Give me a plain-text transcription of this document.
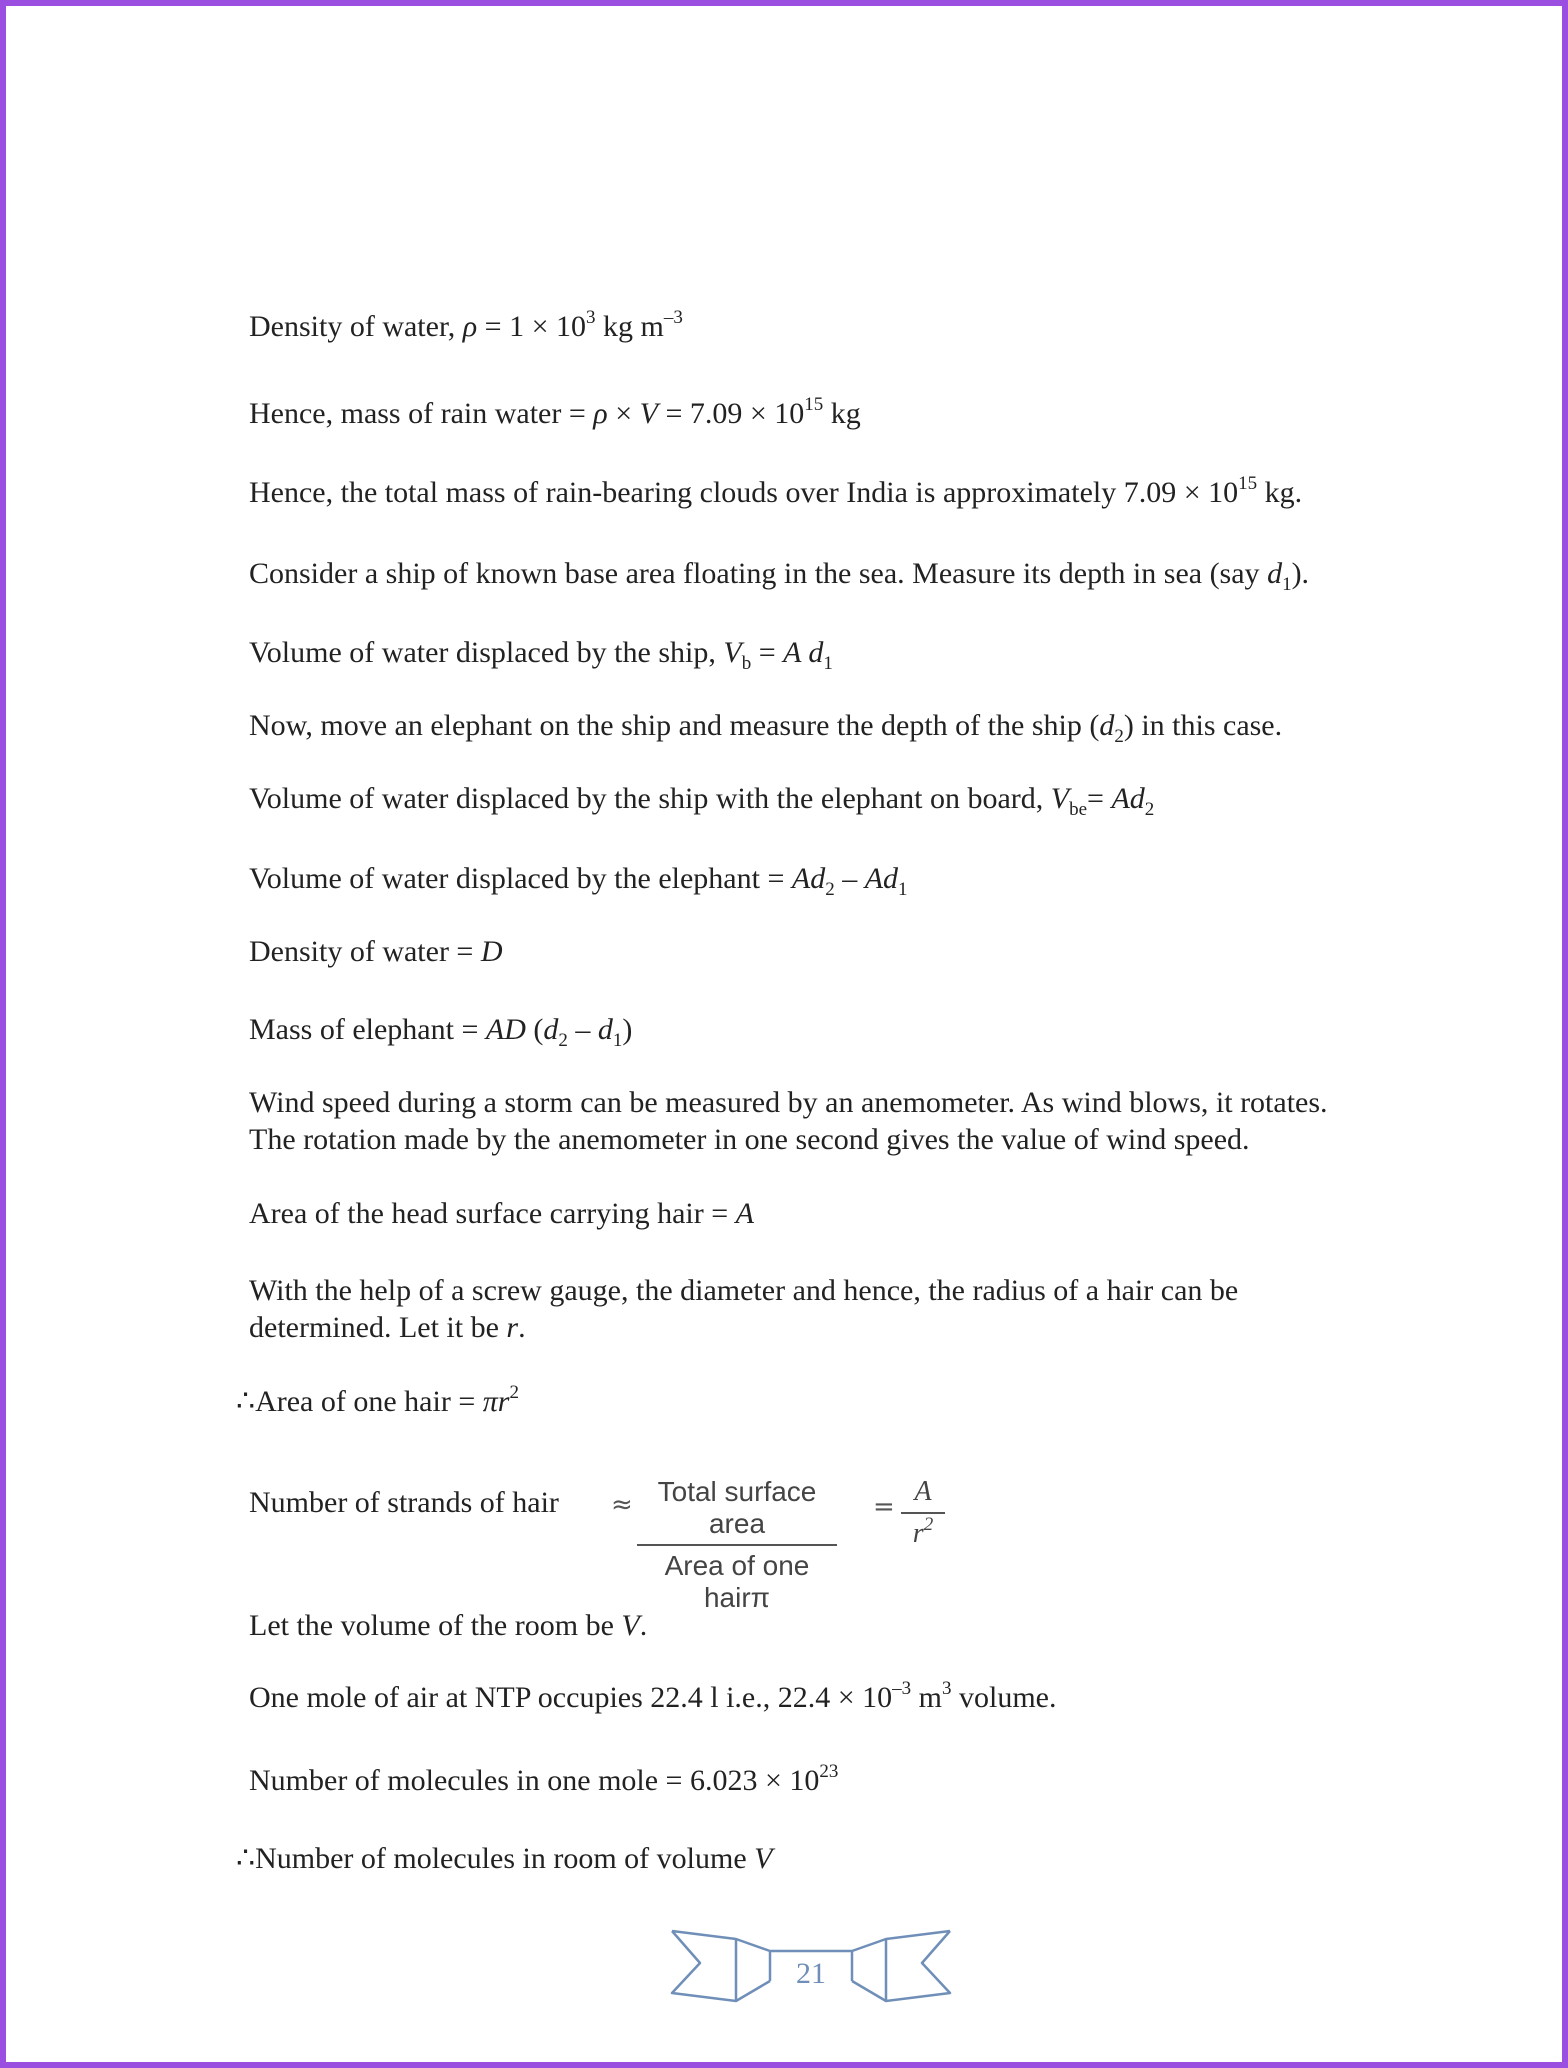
Density of water, $\rho = 1 \times 10^3$ kg $m^{-3}$
Hence, mass of rain water = $\rho \times V = 7.09 \times 10^{15}$ kg
Hence, the total mass of rain-bearing clouds over India is approximately $7.09 \times 10^{15}$ kg.
Consider a ship of known base area floating in the sea. Measure its depth in sea (say $d_1$).
Volume of water displaced by the ship, $V_b = A$ $d_1$
Now, move an elephant on the ship and measure the depth of the ship $(d_2)$ in this case.
Volume of water displaced by the ship with the elephant on board, $V_{be}= Ad_2$
Volume of water displaced by the elephant = $Ad_2 - Ad_1$
Density of water = D
Mass of elephant = AD $(d_2 - d_1)$
Wind speed during a storm can be measured by an anemometer. As wind blows, it rotates.
The rotation made by the anemometer in one second gives the value of wind speed.
Area of the head surface carrying hair = A
With the help of a screw gauge, the diameter and hence, the radius of a hair can be
determined. Let it be r.
∴Area of one hair = $\pi r^2$
Number of strands of hair ≈ Total surface area
Area of one hairπ
= $\frac{A}{r^2}$
Let the volume of the room be V.
One mole of air at NTP occupies 22.4 l i.e., $22.4 \times 10^{-3}$ $m^3$ volume.
Number of molecules in one mole = $6.023 \times 10^{23}$
∴Number of molecules in room of volume V
21
